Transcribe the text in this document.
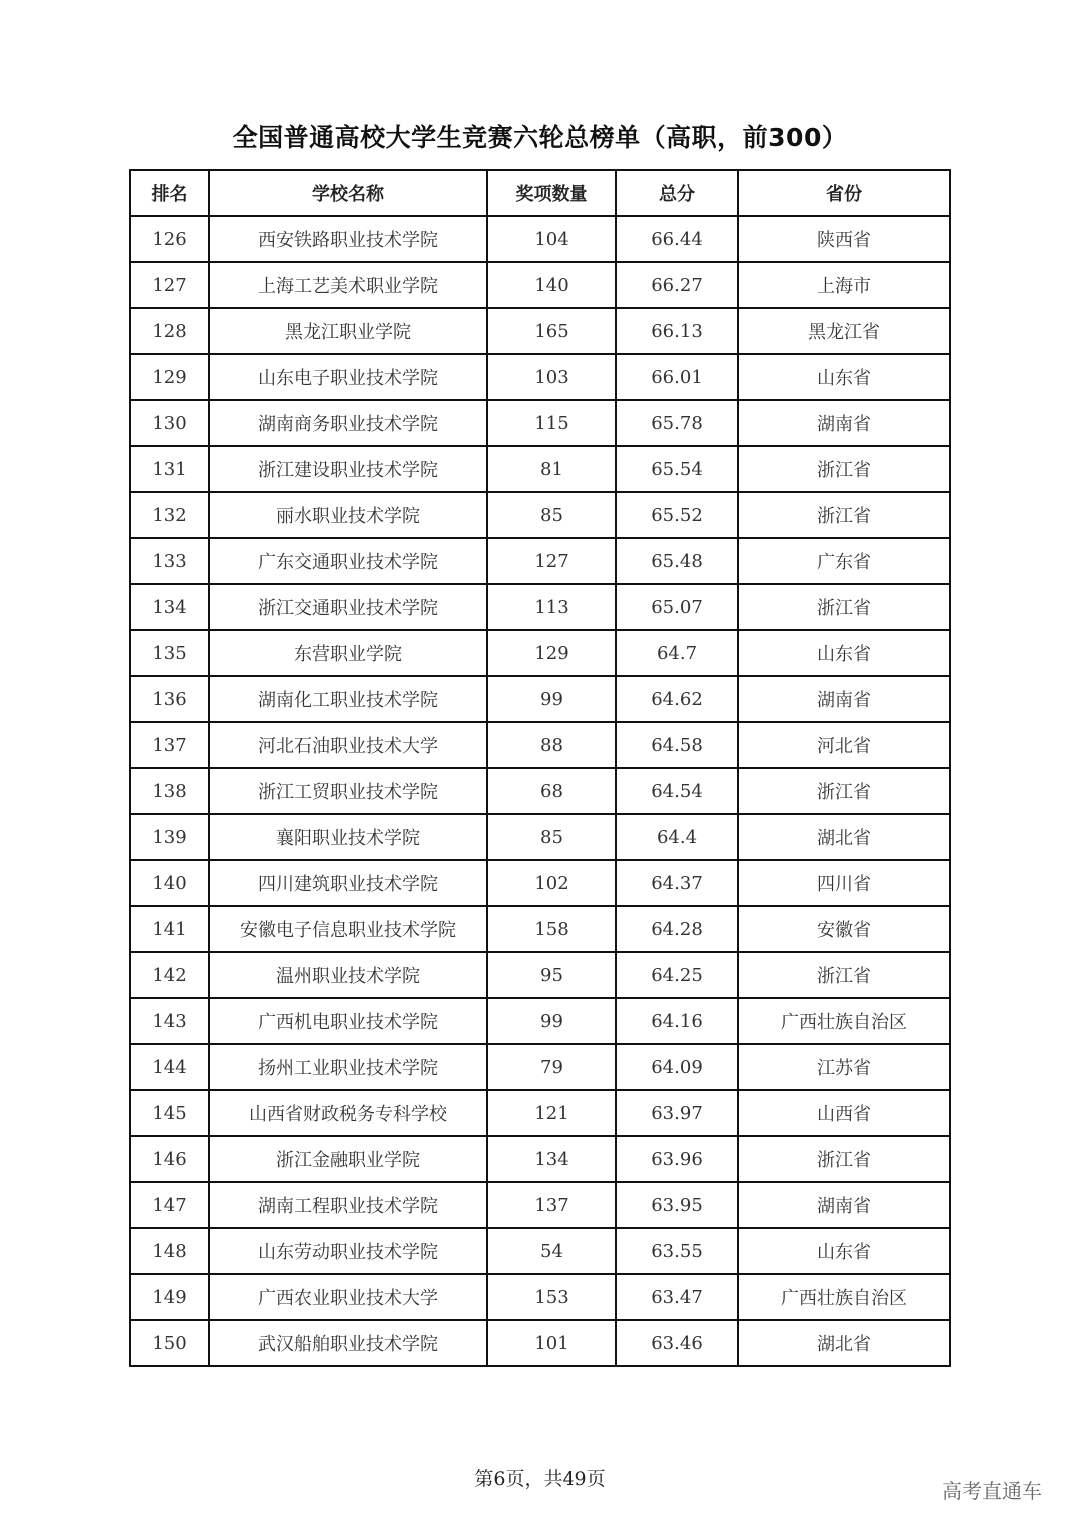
全国普通高校大学生竞赛六轮总榜单（高职，前300）
排名	学校名称	奖项数量	总分	省份
126	西安铁路职业技术学院	104	66.44	陕西省
127	上海工艺美术职业学院	140	66.27	上海市
128	黑龙江职业学院	165	66.13	黑龙江省
129	山东电子职业技术学院	103	66.01	山东省
130	湖南商务职业技术学院	115	65.78	湖南省
131	浙江建设职业技术学院	81	65.54	浙江省
132	丽水职业技术学院	85	65.52	浙江省
133	广东交通职业技术学院	127	65.48	广东省
134	浙江交通职业技术学院	113	65.07	浙江省
135	东营职业学院	129	64.7	山东省
136	湖南化工职业技术学院	99	64.62	湖南省
137	河北石油职业技术大学	88	64.58	河北省
138	浙江工贸职业技术学院	68	64.54	浙江省
139	襄阳职业技术学院	85	64.4	湖北省
140	四川建筑职业技术学院	102	64.37	四川省
141	安徽电子信息职业技术学院	158	64.28	安徽省
142	温州职业技术学院	95	64.25	浙江省
143	广西机电职业技术学院	99	64.16	广西壮族自治区
144	扬州工业职业技术学院	79	64.09	江苏省
145	山西省财政税务专科学校	121	63.97	山西省
146	浙江金融职业学院	134	63.96	浙江省
147	湖南工程职业技术学院	137	63.95	湖南省
148	山东劳动职业技术学院	54	63.55	山东省
149	广西农业职业技术大学	153	63.47	广西壮族自治区
150	武汉船舶职业技术学院	101	63.46	湖北省
第6页，共49页	高考直通车
